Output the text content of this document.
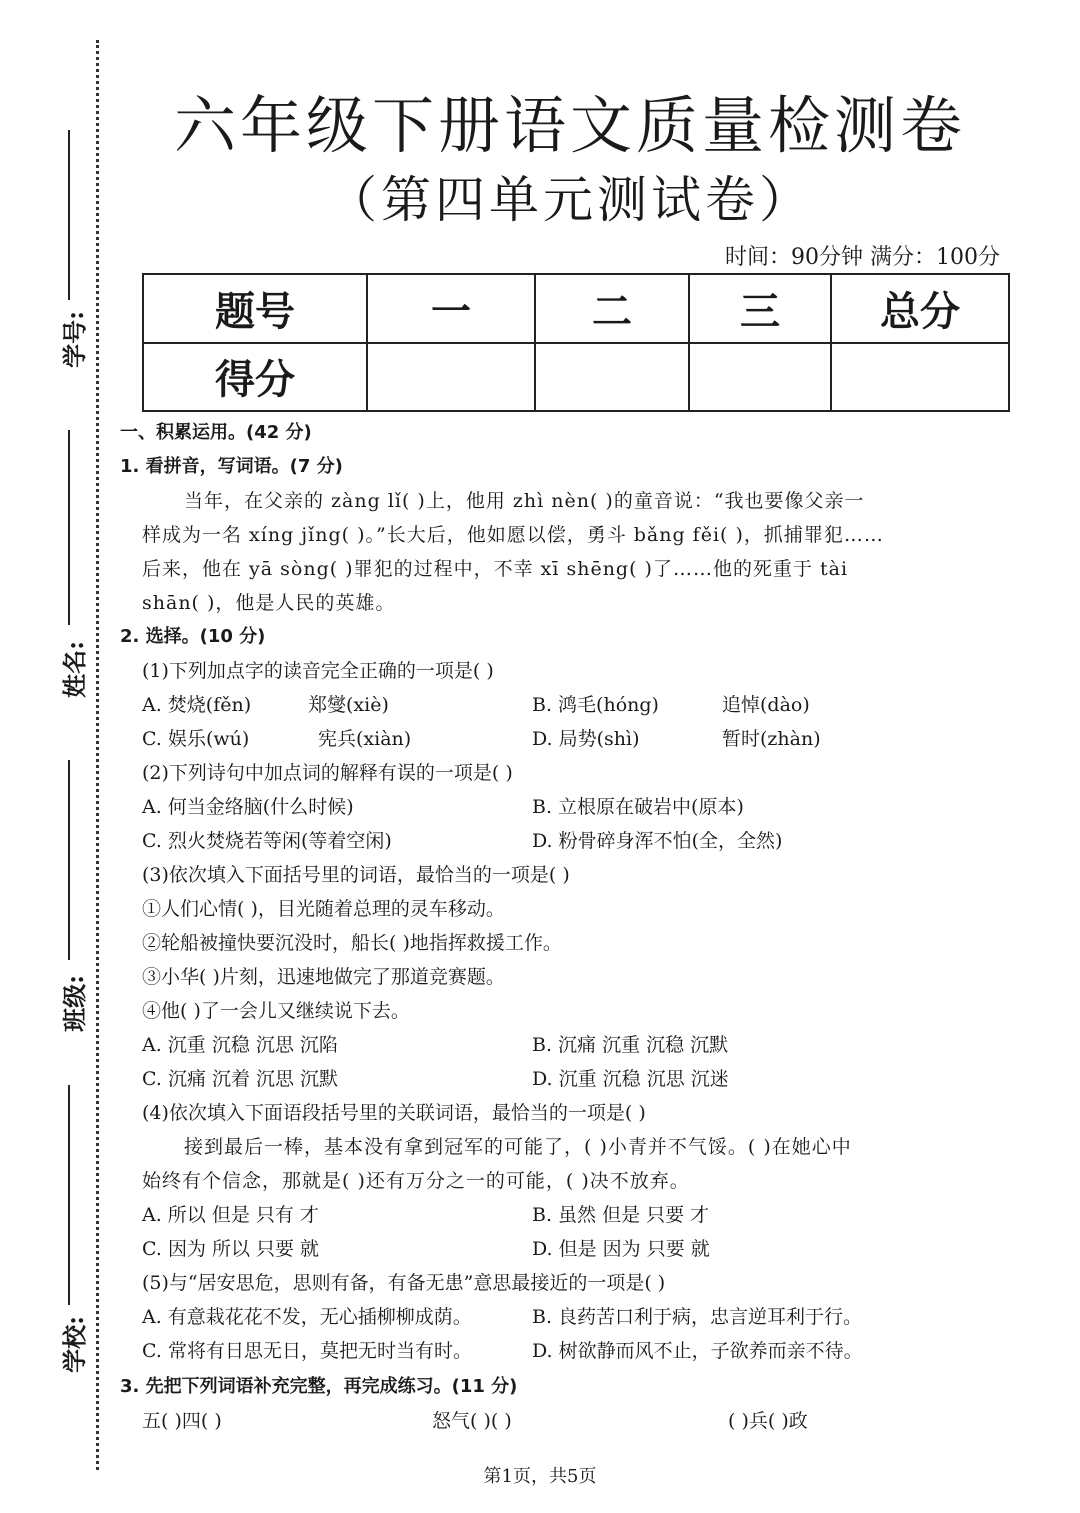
学号:
姓名:
班级:
学校:
六年级下册语文质量检测卷
（第四单元测试卷）
时间：90分钟 满分：100分
题号	一	二	三	总分
得分				
一、积累运用。(42 分)
1. 看拼音，写词语。(7 分)
当年，在父亲的 zàng lǐ( )上，他用 zhì nèn( )的童音说：“我也要像父亲一
样成为一名 xíng jǐng( )。”长大后，他如愿以偿，勇斗 bǎng fěi( )，抓捕罪犯……
后来，他在 yā sòng( )罪犯的过程中，不幸 xī shēng( )了……他的死重于 tài
shān( )，他是人民的英雄。
2. 选择。(10 分)
(1)下列加点字的读音完全正确的一项是( )
A. 焚烧(fěn)	郑燮(xiè)	B. 鸿毛(hóng)	追悼(dào)
C. 娱乐(wú)	宪兵(xiàn)	D. 局势(shì)	暂时(zhàn)
(2)下列诗句中加点词的解释有误的一项是( )
A. 何当金络脑(什么时候)	B. 立根原在破岩中(原本)
C. 烈火焚烧若等闲(等着空闲)	D. 粉骨碎身浑不怕(全，全然)
(3)依次填入下面括号里的词语，最恰当的一项是( )
①人们心情( )，目光随着总理的灵车移动。
②轮船被撞快要沉没时，船长( )地指挥救援工作。
③小华( )片刻，迅速地做完了那道竞赛题。
④他( )了一会儿又继续说下去。
A. 沉重 沉稳 沉思 沉陷	B. 沉痛 沉重 沉稳 沉默
C. 沉痛 沉着 沉思 沉默	D. 沉重 沉稳 沉思 沉迷
(4)依次填入下面语段括号里的关联词语，最恰当的一项是( )
接到最后一棒，基本没有拿到冠军的可能了，( )小青并不气馁。( )在她心中
始终有个信念，那就是( )还有万分之一的可能，( )决不放弃。
A. 所以 但是 只有 才	B. 虽然 但是 只要 才
C. 因为 所以 只要 就	D. 但是 因为 只要 就
(5)与“居安思危，思则有备，有备无患”意思最接近的一项是( )
A. 有意栽花花不发，无心插柳柳成荫。	B. 良药苦口利于病，忠言逆耳利于行。
C. 常将有日思无日，莫把无时当有时。	D. 树欲静而风不止，子欲养而亲不待。
3. 先把下列词语补充完整，再完成练习。(11 分)
五( )四( )	怒气( )( )	( )兵( )政
第1页，共5页
